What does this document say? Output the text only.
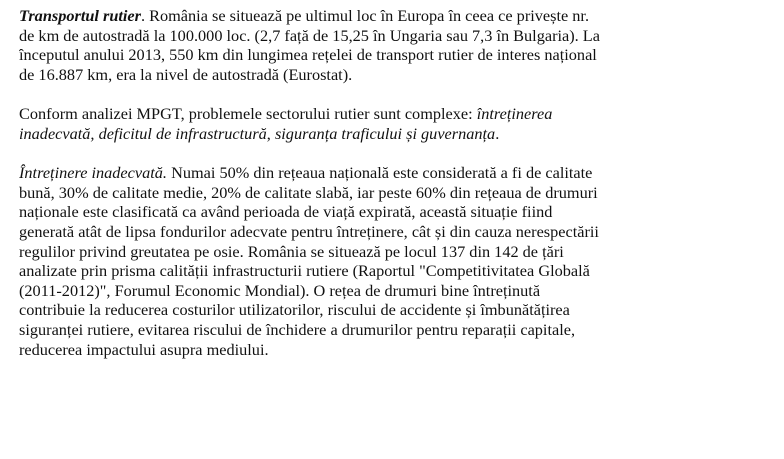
Transportul rutier. România se situează pe ultimul loc în Europa în ceea ce privește nr.
de km de autostradă la 100.000 loc. (2,7 față de 15,25 în Ungaria sau 7,3 în Bulgaria). La
începutul anului 2013, 550 km din lungimea rețelei de transport rutier de interes național
de 16.887 km, era la nivel de autostradă (Eurostat).
Conform analizei MPGT, problemele sectorului rutier sunt complexe: întreținerea
inadecvată, deficitul de infrastructură, siguranța traficului și guvernanța.
Întreținere inadecvată. Numai 50% din rețeaua națională este considerată a fi de calitate
bună, 30% de calitate medie, 20% de calitate slabă, iar peste 60% din rețeaua de drumuri
naționale este clasificată ca având perioada de viață expirată, această situație fiind
generată atât de lipsa fondurilor adecvate pentru întreținere, cât și din cauza nerespectării
regulilor privind greutatea pe osie. România se situează pe locul 137 din 142 de țări
analizate prin prisma calității infrastructurii rutiere (Raportul "Competitivitatea Globală
(2011-2012)", Forumul Economic Mondial). O rețea de drumuri bine întreținută
contribuie la reducerea costurilor utilizatorilor, riscului de accidente și îmbunătățirea
siguranței rutiere, evitarea riscului de închidere a drumurilor pentru reparații capitale,
reducerea impactului asupra mediului.
